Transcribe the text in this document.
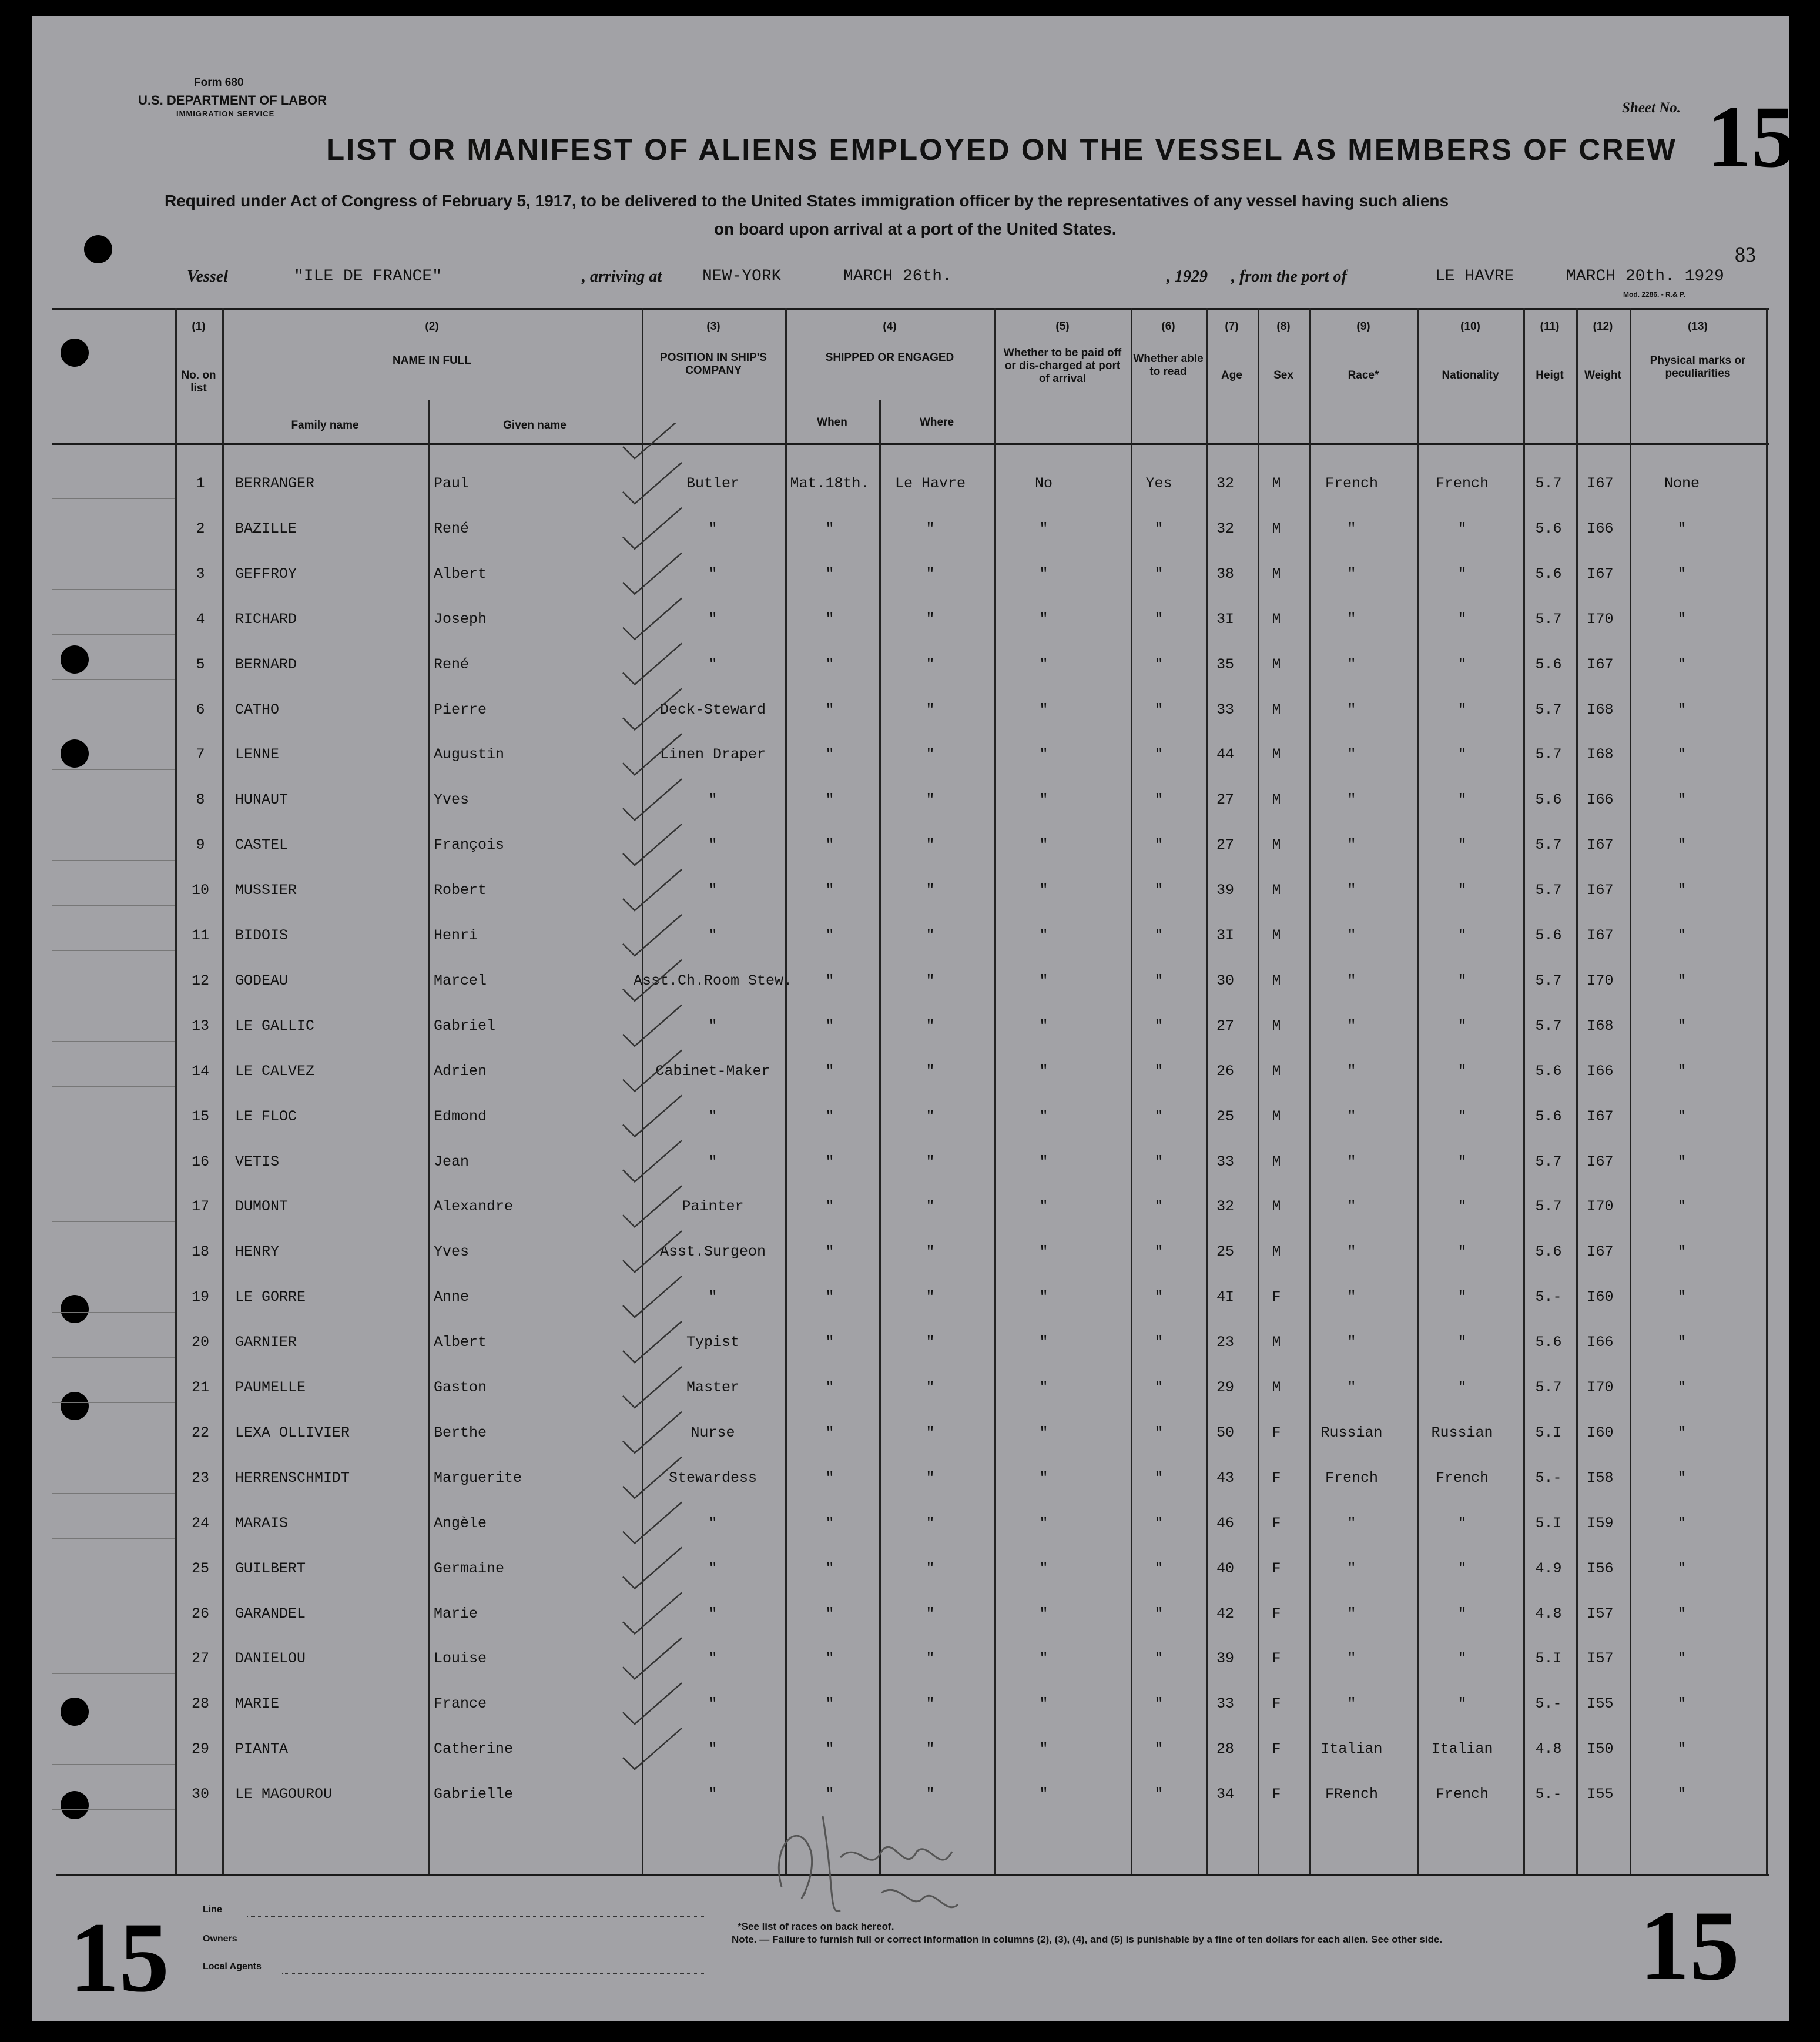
Form 680
U.S. DEPARTMENT OF LABOR
IMMIGRATION SERVICE
LIST OR MANIFEST OF ALIENS EMPLOYED ON THE VESSEL AS MEMBERS OF CREW
Required under Act of Congress of February 5, 1917, to be delivered to the United States immigration officer by the representatives of any vessel having such aliens
on board upon arrival at a port of the United States.
Sheet No. 15
83
Mod. 2286. - R.& P.
Vessel	"ILE DE FRANCE"	, arriving at NEW-YORK	MARCH 26th.	, 1929 , from the port of	LE HAVRE	MARCH 20th. 1929
(1)
No. on list
(2)
NAME IN FULL
Family name	Given name
(3)
POSITION IN SHIP'S COMPANY
(4)
SHIPPED OR ENGAGED
When	Where
(5)
Whether to be paid off or dis-charged at port of arrival
(6)
Whether able to read
(7)
Age
(8)
Sex
(9)
Race*
(10)
Nationality
(11)
Heigt
(12)
Weight
(13)
Physical marks or peculiarities
1 BERRANGER	Paul	Butler	Mat.18th. Le Havre	No	Yes	32	M	French	French	5.7 I67	None
2 BAZILLE	René	"	"	"	"	"	32	M	"	"	5.6 I66	"
3 GEFFROY	Albert	"	"	"	"	"	38	M	"	"	5.6 I67	"
4 RICHARD	Joseph	"	"	"	"	"	3I	M	"	"	5.7 I70	"
5 BERNARD	René	"	"	"	"	"	35	M	"	"	5.6 I67	"
6 CATHO	Pierre	Deck-Steward	"	"	"	"	33	M	"	"	5.7 I68	"
7 LENNE	Augustin	Linen Draper	"	"	"	"	44	M	"	"	5.7 I68	"
8 HUNAUT	Yves	"	"	"	"	"	27	M	"	"	5.6 I66	"
9 CASTEL	François	"	"	"	"	"	27	M	"	"	5.7 I67	"
10 MUSSIER	Robert	"	"	"	"	"	39	M	"	"	5.7 I67	"
11 BIDOIS	Henri	"	"	"	"	"	3I	M	"	"	5.6 I67	"
12 GODEAU	Marcel	Asst.Ch.Room Stew. "	"	"	"	30	M	"	"	5.7 I70	"
13 LE GALLIC	Gabriel	"	"	"	"	"	27	M	"	"	5.7 I68	"
14 LE CALVEZ	Adrien	Cabinet-Maker	"	"	"	"	26	M	"	"	5.6 I66	"
15 LE FLOC	Edmond	"	"	"	"	"	25	M	"	"	5.6 I67	"
16 VETIS	Jean	"	"	"	"	"	33	M	"	"	5.7 I67	"
17 DUMONT	Alexandre	Painter	"	"	"	"	32	M	"	"	5.7 I70	"
18 HENRY	Yves	Asst.Surgeon	"	"	"	"	25	M	"	"	5.6 I67	"
19 LE GORRE	Anne	"	"	"	"	"	4I	F	"	"	5.- I60	"
20 GARNIER	Albert	Typist	"	"	"	"	23	M	"	"	5.6 I66	"
21 PAUMELLE	Gaston	Master	"	"	"	"	29	M	"	"	5.7 I70	"
22 LEXA OLLIVIER	Berthe	Nurse	"	"	"	"	50	F	Russian	Russian	5.I I60	"
23 HERRENSCHMIDT	Marguerite	Stewardess	"	"	"	"	43	F	French	French	5.- I58	"
24 MARAIS	Angèle	"	"	"	"	"	46	F	"	"	5.I I59	"
25 GUILBERT	Germaine	"	"	"	"	"	40	F	"	"	4.9 I56	"
26 GARANDEL	Marie	"	"	"	"	"	42	F	"	"	4.8 I57	"
27 DANIELOU	Louise	"	"	"	"	"	39	F	"	"	5.I I57	"
28 MARIE	France	"	"	"	"	"	33	F	"	"	5.- I55	"
29 PIANTA	Catherine	"	"	"	"	"	28	F	Italian	Italian	4.8 I50	"
30 LE MAGOUROU	Gabrielle	"	"	"	"	"	34	F	FRench	French	5.- I55	"
15	15
Line
Owners
Local Agents
*See list of races on back hereof.
Note. — Failure to furnish full or correct information in columns (2), (3), (4), and (5) is punishable by a fine of ten dollars for each alien. See other side.
